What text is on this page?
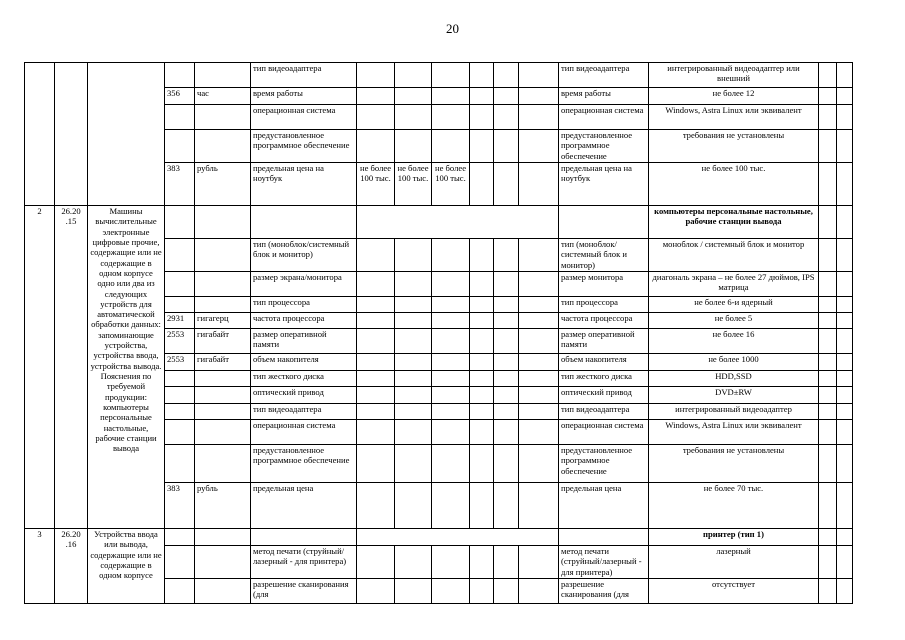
20
					тип видеоадаптера							тип видеоадаптера	интегрированный видеоадаптер или внешний		
			356	час	время работы							время работы	не более 12		
					операционная система							операционная система	Windows, Astra Linux или эквивалент		
					предустановленное программное обеспечение							предустановленное программное обеспечение	требования не установлены		
			383	рубль	предельная цена на ноутбук	не более 100 тыс.	не более 100 тыс.	не более 100 тыс.				предельная цена на ноутбук	не более 100 тыс.		
2	26.20 .15	Машины вычислительные электронные цифровые прочие, содержащие или не содержащие в одном корпусе одно или два из следующих устройств для автоматической обработки данных: запоминающие устройства, устройства ввода, устройства вывода. Пояснения по требуемой продукции: компьютеры персональные настольные, рабочие станции вывода											компьютеры персональные настольные, рабочие станции вывода		
					тип (моноблок/системный блок и монитор)							тип (моноблок/системный блок и монитор)	моноблок / системный блок и монитор		
					размер экрана/монитора							размер монитора	диагональ экрана – не более 27 дюймов, IPS матрица		
					тип процессора							тип процессора	не более 6-и ядерный		
			2931	гигагерц	частота процессора							частота процессора	не более 5		
			2553	гигабайт	размер оперативной памяти							размер оперативной памяти	не более 16		
			2553	гигабайт	объем накопителя							объем накопителя	не более 1000		
					тип жесткого диска							тип жесткого диска	HDD,SSD		
					оптический привод							оптический привод	DVD±RW		
					тип видеоадаптера							тип видеоадаптера	интегрированный видеоадаптер		
					операционная система							операционная система	Windows, Astra Linux или эквивалент		
					предустановленное программное обеспечение							предустановленное программное обеспечение	требования не установлены		
			383	рубль	предельная цена							предельная цена	не более 70 тыс.		
3	26.20 .16	Устройства ввода или вывода, содержащие или не содержащие в одном корпусе											принтер (тип 1)		
					метод печати (струйный/лазерный - для принтера)							метод печати (струйный/лазерный - для принтера)	лазерный		
					разрешение сканирования (для							разрешение сканирования (для	отсутствует		
